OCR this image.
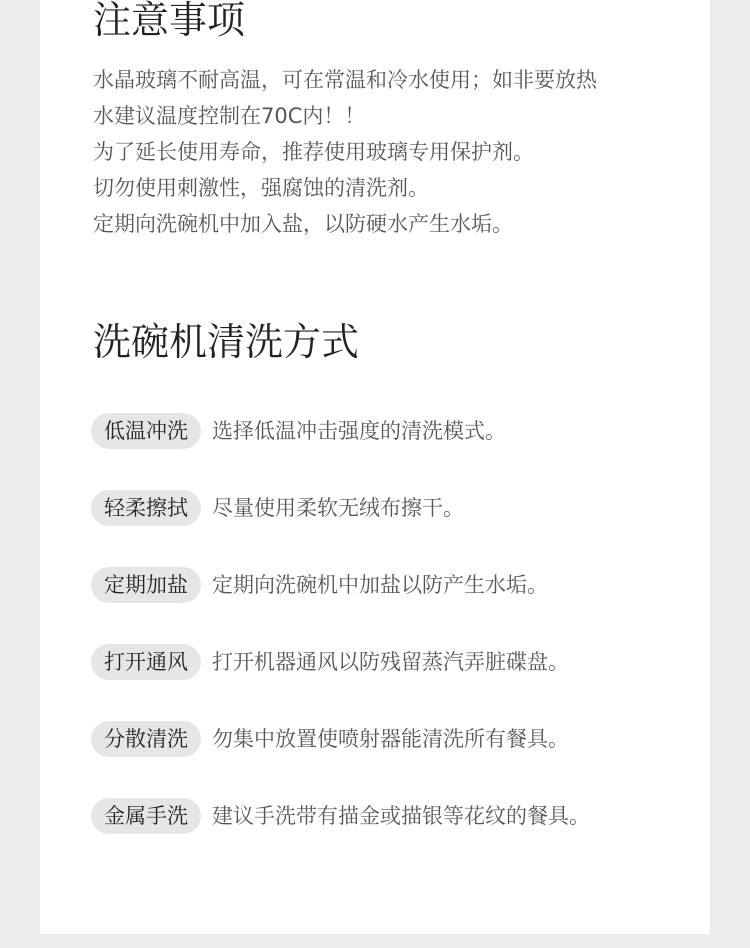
注意事项
水晶玻璃不耐高温，可在常温和冷水使用；如非要放热
水建议温度控制在70C内！！
为了延长使用寿命，推荐使用玻璃专用保护剂。
切勿使用刺激性，强腐蚀的清洗剂。
定期向洗碗机中加入盐，以防硬水产生水垢。
洗碗机清洗方式
低温冲洗	选择低温冲击强度的清洗模式。
轻柔擦拭	尽量使用柔软无绒布擦干。
定期加盐	定期向洗碗机中加盐以防产生水垢。
打开通风	打开机器通风以防残留蒸汽弄脏碟盘。
分散清洗	勿集中放置使喷射器能清洗所有餐具。
金属手洗	建议手洗带有描金或描银等花纹的餐具。
